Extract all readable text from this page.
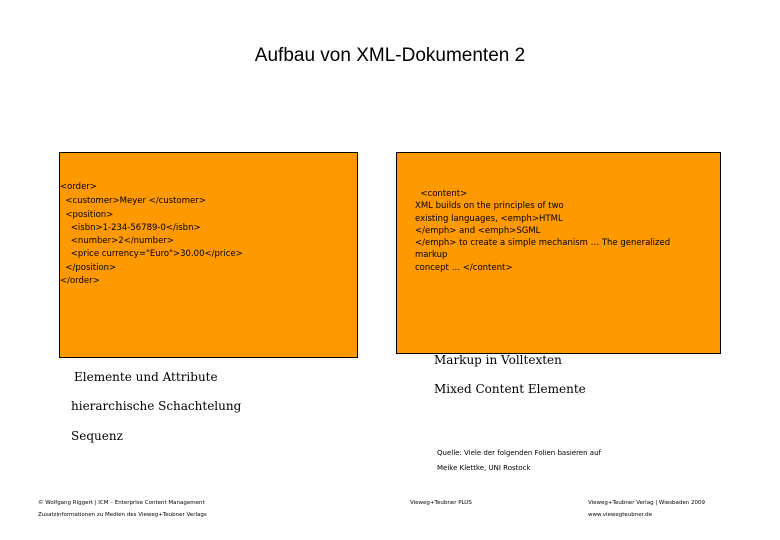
Aufbau von XML-Dokumenten 2
<order>
<customer>Meyer </customer>
<position>
<isbn>1-234-56789-0</isbn>
<number>2</number>
<price currency="Euro">30.00</price>
</position>
</order>
<content>
XML builds on the principles of two
existing languages, <emph>HTML
</emph> and <emph>SGML
</emph> to create a simple mechanism … The generalized markup
concept … </content>
Elemente und Attribute
hierarchische Schachtelung
Sequenz
Markup in Volltexten
Mixed Content Elemente
Quelle: Viele der folgenden Folien basieren auf
Meike Klettke, UNI Rostock
© Wolfgang Riggert | ICM – Enterprise Content Management
Zusatzinformationen zu Medien des Vieweg+Teubner Verlags
Vieweg+Teubner PLUS	Vieweg+Teubner Verlag | Wiesbaden 2009
www.viewegteubner.de
